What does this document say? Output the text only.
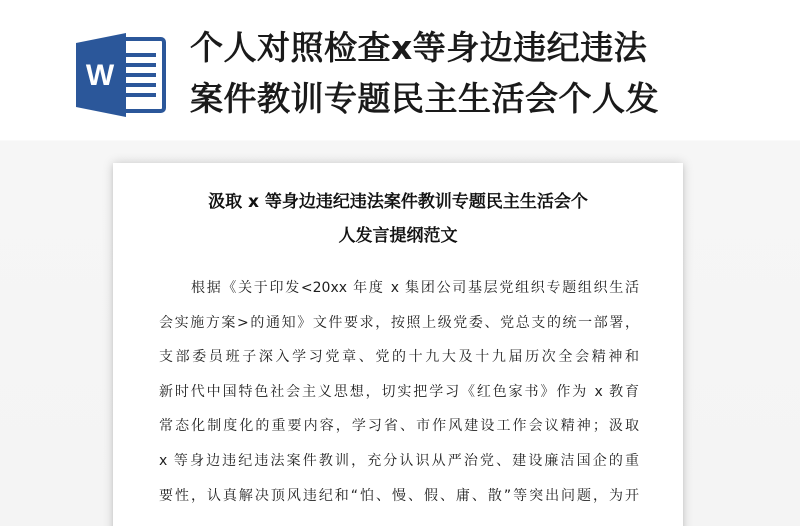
W
个人对照检查x等身边违纪违法
案件教训专题民主生活会个人发
汲取 x 等身边违纪违法案件教训专题民主生活会个
人发言提纲范文
根据《关于印发<20xx 年度 x 集团公司基层党组织专题组织生活
会实施方案>的通知》文件要求，按照上级党委、党总支的统一部署，
支部委员班子深入学习党章、党的十九大及十九届历次全会精神和
新时代中国特色社会主义思想，切实把学习《红色家书》作为 x 教育
常态化制度化的重要内容，学习省、市作风建设工作会议精神；汲取
x 等身边违纪违法案件教训，充分认识从严治党、建设廉洁国企的重
要性，认真解决顶风违纪和“怕、慢、假、庸、散”等突出问题，为开
